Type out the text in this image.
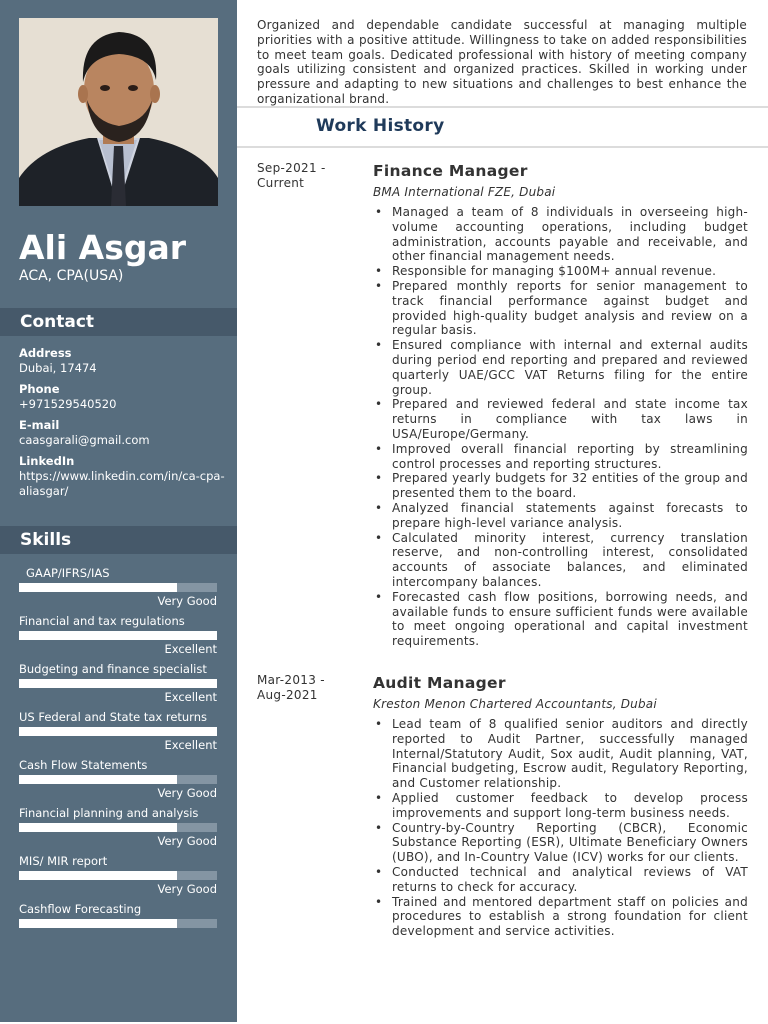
Ali Asgar
ACA, CPA(USA)
Contact
Address
Dubai, 17474
Phone
+971529540520
E-mail
caasgarali@gmail.com
LinkedIn
https://www.linkedin.com/in/ca-cpa-aliasgar/
Skills
GAAP/IFRS/IAS
Very Good
Financial and tax regulations
Excellent
Budgeting and finance specialist
Excellent
US Federal and State tax returns
Excellent
Cash Flow Statements
Very Good
Financial planning and analysis
Very Good
MIS/ MIR report
Very Good
Cashflow Forecasting
Organized and dependable candidate successful at managing multiple priorities with a positive attitude. Willingness to take on added responsibilities to meet team goals. Dedicated professional with history of meeting company goals utilizing consistent and organized practices. Skilled in working under pressure and adapting to new situations and challenges to best enhance the organizational brand.
Work History
Sep-2021 - Current
Finance Manager
BMA International FZE, Dubai
• Managed a team of 8 individuals in overseeing high-volume accounting operations, including budget administration, accounts payable and receivable, and other financial management needs.
• Responsible for managing $100M+ annual revenue.
• Prepared monthly reports for senior management to track financial performance against budget and provided high-quality budget analysis and review on a regular basis.
• Ensured compliance with internal and external audits during period end reporting and prepared and reviewed quarterly UAE/GCC VAT Returns filing for the entire group.
• Prepared and reviewed federal and state income tax returns in compliance with tax laws in USA/Europe/Germany.
• Improved overall financial reporting by streamlining control processes and reporting structures.
• Prepared yearly budgets for 32 entities of the group and presented them to the board.
• Analyzed financial statements against forecasts to prepare high-level variance analysis.
• Calculated minority interest, currency translation reserve, and non-controlling interest, consolidated accounts of associate balances, and eliminated intercompany balances.
• Forecasted cash flow positions, borrowing needs, and available funds to ensure sufficient funds were available to meet ongoing operational and capital investment requirements.
Mar-2013 - Aug-2021
Audit Manager
Kreston Menon Chartered Accountants, Dubai
• Lead team of 8 qualified senior auditors and directly reported to Audit Partner, successfully managed Internal/Statutory Audit, Sox audit, Audit planning, VAT, Financial budgeting, Escrow audit, Regulatory Reporting, and Customer relationship.
• Applied customer feedback to develop process improvements and support long-term business needs.
• Country-by-Country Reporting (CBCR), Economic Substance Reporting (ESR), Ultimate Beneficiary Owners (UBO), and In-Country Value (ICV) works for our clients.
• Conducted technical and analytical reviews of VAT returns to check for accuracy.
• Trained and mentored department staff on policies and procedures to establish a strong foundation for client development and service activities.
